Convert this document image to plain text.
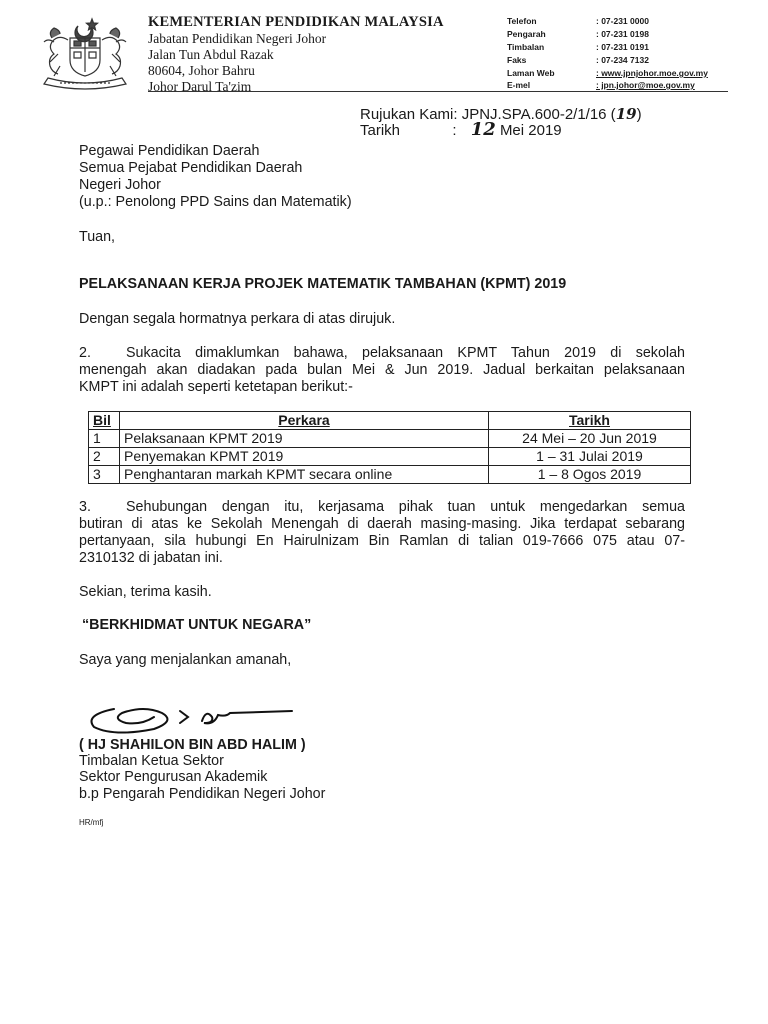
KEMENTERIAN PENDIDIKAN MALAYSIA
Jabatan Pendidikan Negeri Johor
Jalan Tun Abdul Razak
80604, Johor Bahru
Johor Darul Ta'zim
Telefon	: 07-231 0000
Pengarah	: 07-231 0198
Timbalan	: 07-231 0191
Faks	: 07-234 7132
Laman Web	: www.jpnjohor.moe.gov.my
E-mel	: jpn.johor@moe.gov.my
Rujukan Kami: JPNJ.SPA.600-2/1/16 (19)
Tarikh	: 12 Mei 2019
Pegawai Pendidikan Daerah
Semua Pejabat Pendidikan Daerah
Negeri Johor
(u.p.: Penolong PPD Sains dan Matematik)
Tuan,
PELAKSANAAN KERJA PROJEK MATEMATIK TAMBAHAN (KPMT) 2019
Dengan segala hormatnya perkara di atas dirujuk.
2. Sukacita dimaklumkan bahawa, pelaksanaan KPMT Tahun 2019 di sekolah
menengah akan diadakan pada bulan Mei & Jun 2019. Jadual berkaitan pelaksanaan
KMPT ini adalah seperti ketetapan berikut:-
Bil	Perkara	Tarikh
1	Pelaksanaan KPMT 2019	24 Mei – 20 Jun 2019
2	Penyemakan KPMT 2019	1 – 31 Julai 2019
3	Penghantaran markah KPMT secara online	1 – 8 Ogos 2019
3. Sehubungan dengan itu, kerjasama pihak tuan untuk mengedarkan semua
butiran di atas ke Sekolah Menengah di daerah masing-masing. Jika terdapat sebarang
pertanyaan, sila hubungi En Hairulnizam Bin Ramlan di talian 019-7666 075 atau 07-
2310132 di jabatan ini.
Sekian, terima kasih.
“BERKHIDMAT UNTUK NEGARA”
Saya yang menjalankan amanah,
( HJ SHAHILON BIN ABD HALIM )
Timbalan Ketua Sektor
Sektor Pengurusan Akademik
b.p Pengarah Pendidikan Negeri Johor
HR/mfj
